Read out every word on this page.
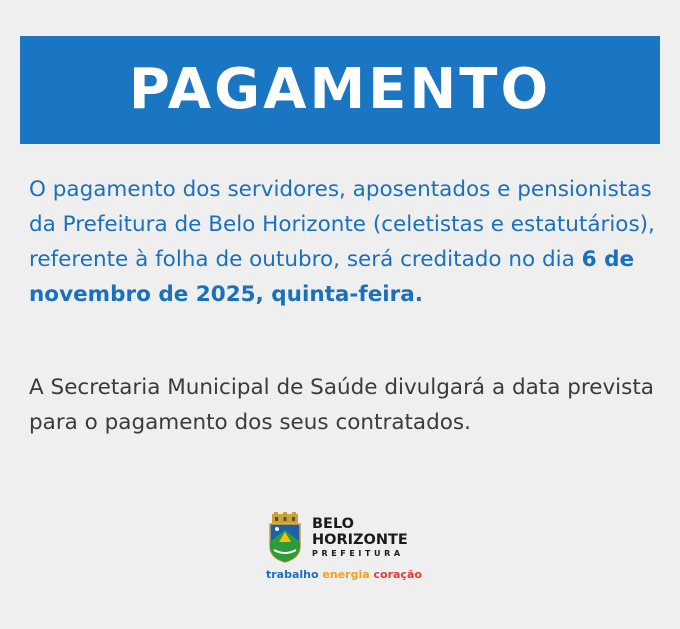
PAGAMENTO

O pagamento dos servidores, aposentados e pensionistas da Prefeitura de Belo Horizonte (celetistas e estatutários), referente à folha de outubro, será creditado no dia 6 de novembro de 2025, quinta-feira.

A Secretaria Municipal de Saúde divulgará a data prevista para o pagamento dos seus contratados.

BELO
HORIZONTE
PREFEITURA
trabalho energia coração
